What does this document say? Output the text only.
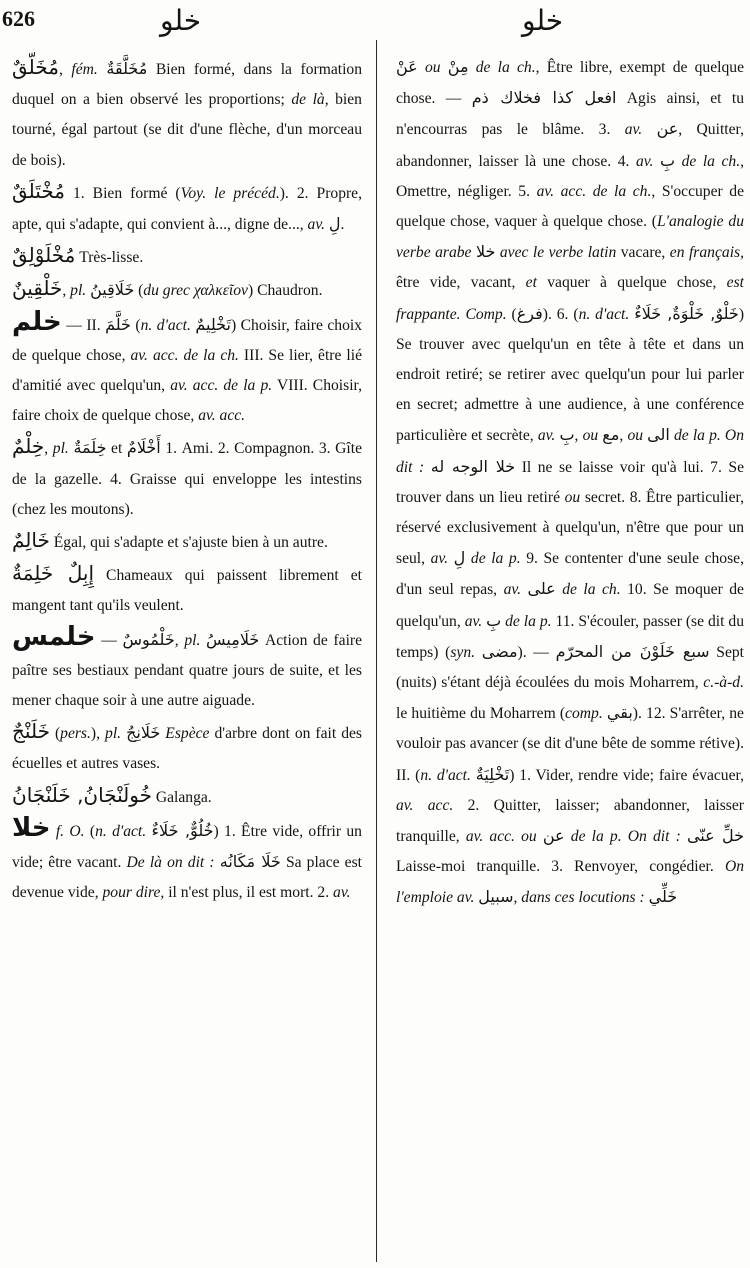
626	خلو	خلو

مُخَلَّقٌ, fém. مُخَلَّقَةٌ Bien formé, dans la formation duquel on a bien observé les proportions; de là, bien tourné, égal partout (se dit d'une flèche, d'un morceau de bois).

مُخْتَلَقٌ 1. Bien formé (Voy. le précéd.). 2. Propre, apte, qui s'adapte, qui convient à..., digne de..., av. لِ.

مُخْلَوْلِقٌ Très-lisse.

خَلْقِينٌ, pl. خَلَاقِينُ (du grec χαλκεῖον) Chaudron.

خلم — II. خَلَّمَ (n. d'act. تَخْلِيمٌ) Choisir, faire choix de quelque chose, av. acc. de la ch. III. Se lier, être lié d'amitié avec quelqu'un, av. acc. de la p. VIII. Choisir, faire choix de quelque chose, av. acc.

خِلْمٌ, pl. خِلَمَةٌ et أَخْلَامٌ 1. Ami. 2. Compagnon. 3. Gîte de la gazelle. 4. Graisse qui enveloppe les intestins (chez les moutons).

خَالِمٌ Égal, qui s'adapte et s'ajuste bien à un autre.

إِبِلٌ خَلِمَةٌ Chameaux qui paissent librement et mangent tant qu'ils veulent.

خلمس — خَلْمُوسٌ, pl. خَلَامِيسُ Action de faire paître ses bestiaux pendant quatre jours de suite, et les mener chaque soir à une autre aiguade.

خَلَنْجٌ (pers.), pl. خَلَانِجُ Espèce d'arbre dont on fait des écuelles et autres vases.

خُولَنْجَانُ, خَلَنْجَانُ Galanga.

خلا f. O. (n. d'act. خُلُوٌّ, خَلَاءٌ) 1. Être vide, offrir un vide; être vacant. De là on dit : خَلَا مَكَانُه Sa place est devenue vide, pour dire, il n'est plus, il est mort. 2. av.

عَنْ ou مِنْ de la ch., Être libre, exempt de quelque chose. — افعل كذا فخلاك ذم Agis ainsi, et tu n'encourras pas le blâme. 3. av. عن, Quitter, abandonner, laisser là une chose. 4. av. بِ de la ch., Omettre, négliger. 5. av. acc. de la ch., S'occuper de quelque chose, vaquer à quelque chose. (L'analogie du verbe arabe خلا avec le verbe latin vacare, en français, être vide, vacant, et vaquer à quelque chose, est frappante. Comp. (فرغ). 6. (n. d'act. خَلْوٌ, خَلْوَةٌ, خَلَاءٌ) Se trouver avec quelqu'un en tête à tête et dans un endroit retiré; se retirer avec quelqu'un pour lui parler en secret; admettre à une audience, à une conférence particulière et secrète, av. بِ, ou مع, ou الى de la p. On dit : خلا الوجه له Il ne se laisse voir qu'à lui. 7. Se trouver dans un lieu retiré ou secret. 8. Être particulier, réservé exclusivement à quelqu'un, n'être que pour un seul, av. لِ de la p. 9. Se contenter d'une seule chose, d'un seul repas, av. على de la ch. 10. Se moquer de quelqu'un, av. بِ de la p. 11. S'écouler, passer (se dit du temps) (syn. مضى). — سبع خَلَوْنَ من المحرّم Sept (nuits) s'étant déjà écoulées du mois Moharrem, c.-à-d. le huitième du Moharrem (comp. بقي). 12. S'arrêter, ne vouloir pas avancer (se dit d'une bête de somme rétive). II. (n. d'act. تَخْلِيَةٌ) 1. Vider, rendre vide; faire évacuer, av. acc. 2. Quitter, laisser; abandonner, laisser tranquille, av. acc. ou عن de la p. On dit : خلِّ عنّى Laisse-moi tranquille. 3. Renvoyer, congédier. On l'emploie av. سبيل, dans ces locutions : خَلِّي
